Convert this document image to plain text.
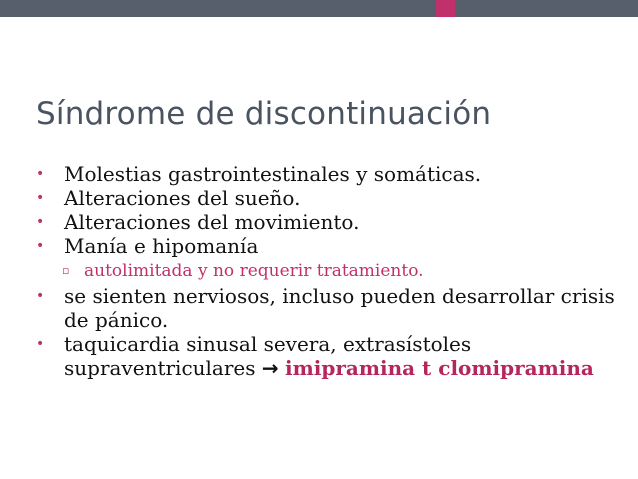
Síndrome de discontinuación
• Molestias gastrointestinales y somáticas.
• Alteraciones del sueño.
• Alteraciones del movimiento.
• Manía e hipomanía
▫ autolimitada y no requerir tratamiento.
• se sienten nerviosos, incluso pueden desarrollar crisis de pánico.
• taquicardia sinusal severa, extrasístoles supraventriculares → imipramina t clomipramina
